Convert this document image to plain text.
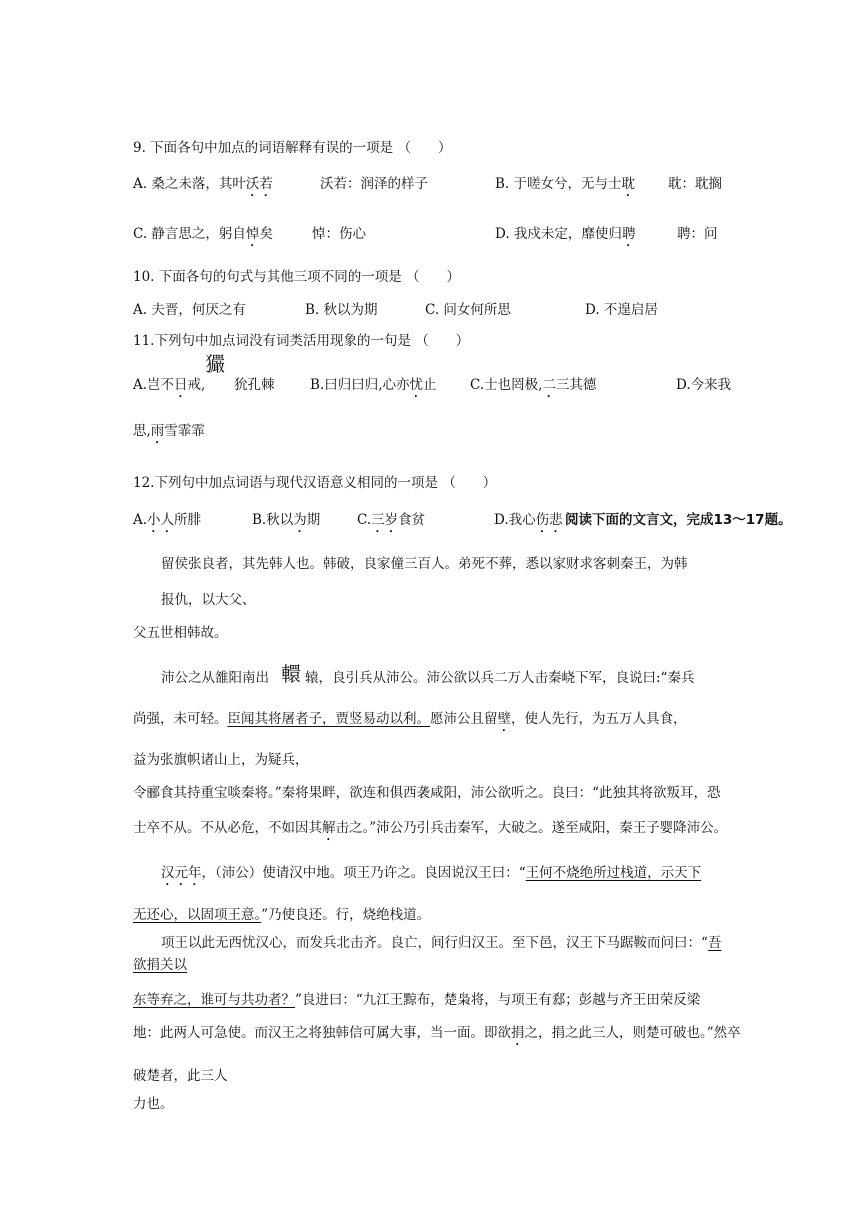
9. 下面各句中加点的词语解释有误的一项是 （　　）
A. 桑之未落，其叶沃若	沃若：润泽的样子	B. 于嗟女兮，无与士耽 耽：耽搁
C. 静言思之，躬自悼矣	悼：伤心	D. 我戍未定，靡使归聘	聘：问
10. 下面各句的句式与其他三项不同的一项是 （　　）
A. 夫晋，何厌之有	B. 秋以为期	C. 问女何所思	D. 不遑启居
11.下列句中加点词没有词类活用现象的一句是 （　　）
玁
A.岂不日戒, 狁孔棘	B.曰归曰归,心亦忧止 C.士也罔极,二三其德	D.今来我
思,雨雪霏霏
12.下列句中加点词语与现代汉语意义相同的一项是 （　　）
A.小人所腓	B.秋以为期	C.三岁食贫	D.我心伤悲 阅读下面的文言文，完成13～17题。
留侯张良者，其先韩人也。韩破，良家僮三百人。弟死不葬，悉以家财求客刺秦王，为韩
报仇，以大父、
父五世相韩故。
轘
沛公之从雒阳南出	辕，良引兵从沛公。沛公欲以兵二万人击秦峣下军，良说曰:“秦兵
尚强，未可轻。臣闻其将屠者子，贾竖易动以利。愿沛公且留壁，使人先行，为五万人具食，
益为张旗帜诸山上，为疑兵，
令郦食其持重宝啖秦将。”秦将果畔，欲连和俱西袭咸阳，沛公欲听之。良曰：“此独其将欲叛耳，恐
士卒不从。不从必危，不如因其解击之。”沛公乃引兵击秦军，大破之。遂至咸阳，秦王子婴降沛公。
汉元年，（沛公）使请汉中地。项王乃许之。良因说汉王曰：“王何不烧绝所过栈道，示天下
无还心，以固项王意。”乃使良还。行，烧绝栈道。
项王以此无西忧汉心，而发兵北击齐。良亡，间行归汉王。至下邑，汉王下马踞鞍而问曰：“吾
欲捐关以
东等弃之，谁可与共功者？”良进曰：“九江王黥布，楚枭将，与项王有郄；彭越与齐王田荣反梁
地：此两人可急使。而汉王之将独韩信可属大事，当一面。即欲捐之，捐之此三人，则楚可破也。”然卒
破楚者，此三人
力也。
